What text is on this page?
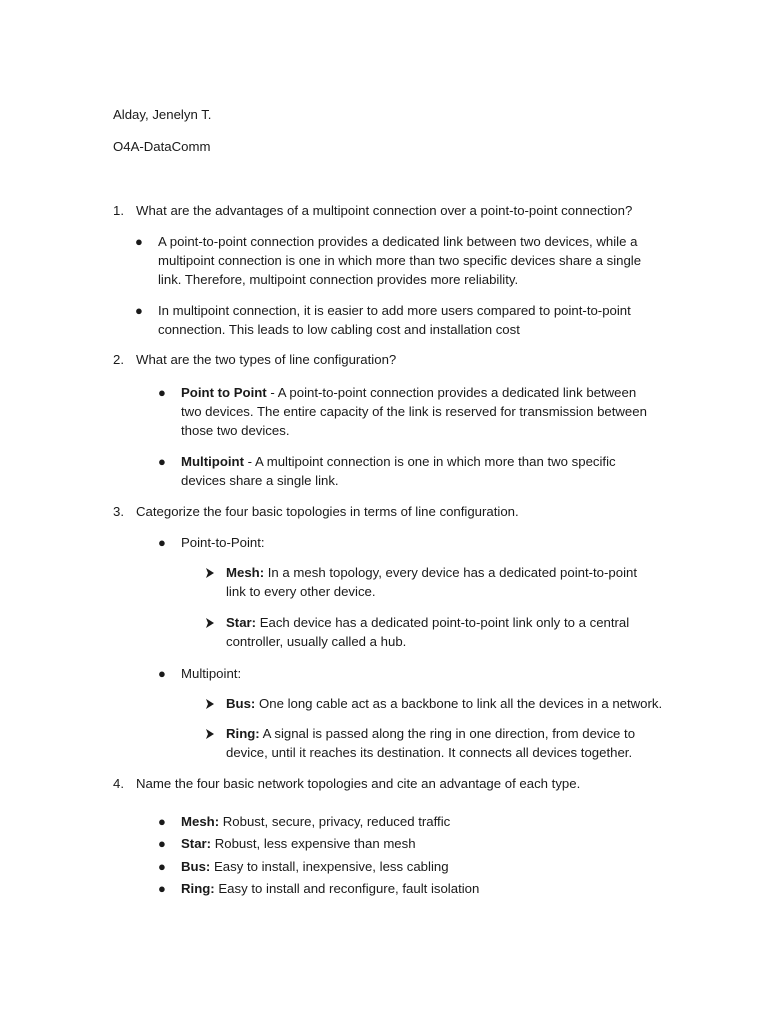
Alday, Jenelyn T.
O4A-DataComm
1. What are the advantages of a multipoint connection over a point-to-point connection?
● A point-to-point connection provides a dedicated link between two devices, while a
multipoint connection is one in which more than two specific devices share a single
link. Therefore, multipoint connection provides more reliability.
● In multipoint connection, it is easier to add more users compared to point-to-point
connection. This leads to low cabling cost and installation cost
2. What are the two types of line configuration?
● Point to Point - A point-to-point connection provides a dedicated link between
two devices. The entire capacity of the link is reserved for transmission between
those two devices.
● Multipoint - A multipoint connection is one in which more than two specific
devices share a single link.
3. Categorize the four basic topologies in terms of line configuration.
● Point-to-Point:
Mesh: In a mesh topology, every device has a dedicated point-to-point
link to every other device.
Star: Each device has a dedicated point-to-point link only to a central
controller, usually called a hub.
● Multipoint:
Bus: One long cable act as a backbone to link all the devices in a network.
Ring: A signal is passed along the ring in one direction, from device to
device, until it reaches its destination. It connects all devices together.
4. Name the four basic network topologies and cite an advantage of each type.
● Mesh: Robust, secure, privacy, reduced traffic
● Star: Robust, less expensive than mesh
● Bus: Easy to install, inexpensive, less cabling
● Ring: Easy to install and reconfigure, fault isolation
